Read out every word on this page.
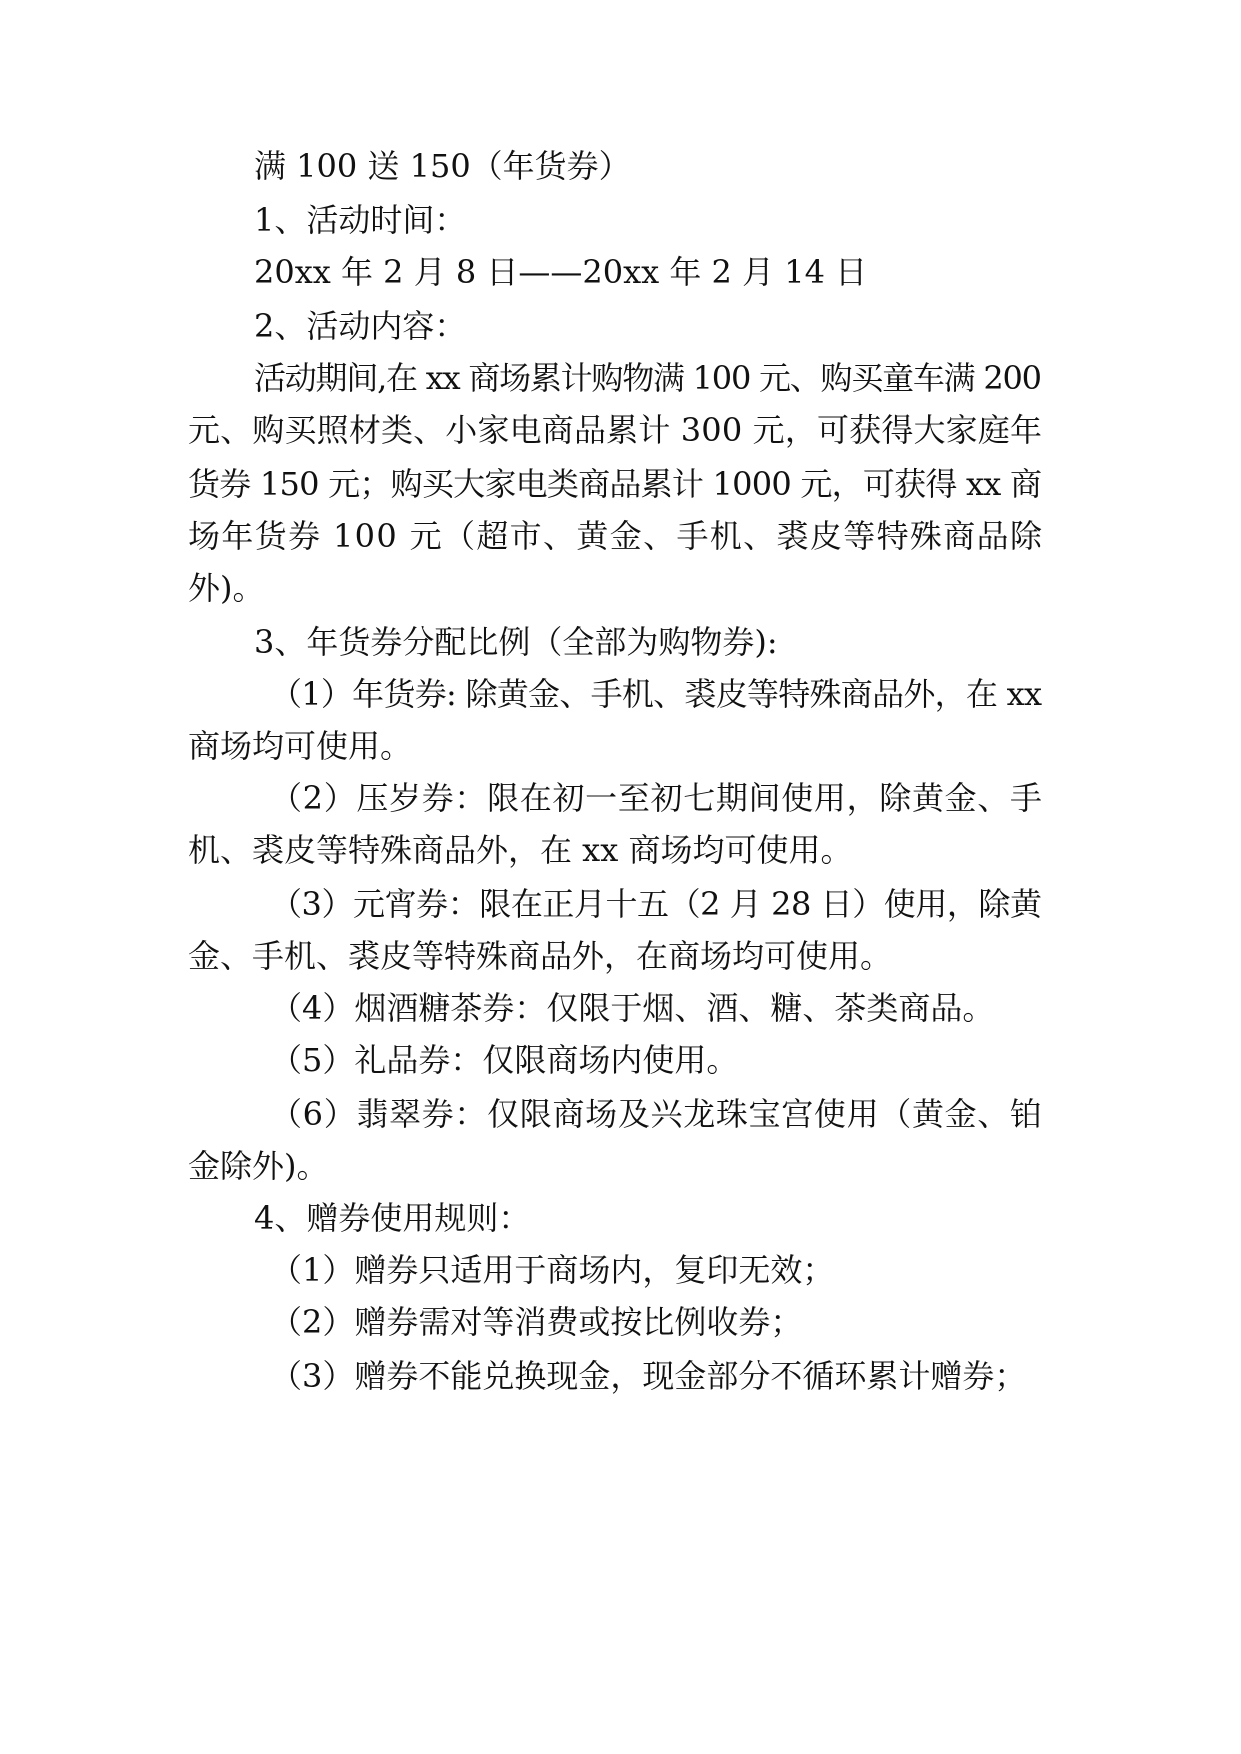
满 100 送 150（年货券）
1、活动时间：
20xx 年 2 月 8 日——20xx 年 2 月 14 日
2、活动内容：
活动期间,在 xx 商场累计购物满 100 元、购买童车满 200
元、购买照材类、小家电商品累计 300 元，可获得大家庭年
货券 150 元；购买大家电类商品累计 1000 元，可获得 xx 商
场年货券 100 元（超市、黄金、手机、裘皮等特殊商品除
外)。
3、年货券分配比例（全部为购物券):
（1）年货券: 除黄金、手机、裘皮等特殊商品外，在 xx
商场均可使用。
（2）压岁券：限在初一至初七期间使用，除黄金、手
机、裘皮等特殊商品外，在 xx 商场均可使用。
（3）元宵券：限在正月十五（2 月 28 日）使用，除黄
金、手机、裘皮等特殊商品外，在商场均可使用。
（4）烟酒糖茶券：仅限于烟、酒、糖、茶类商品。
（5）礼品券：仅限商场内使用。
（6）翡翠券：仅限商场及兴龙珠宝宫使用（黄金、铂
金除外)。
4、赠券使用规则：
（1）赠券只适用于商场内，复印无效；
（2）赠券需对等消费或按比例收券；
（3）赠券不能兑换现金，现金部分不循环累计赠券；
